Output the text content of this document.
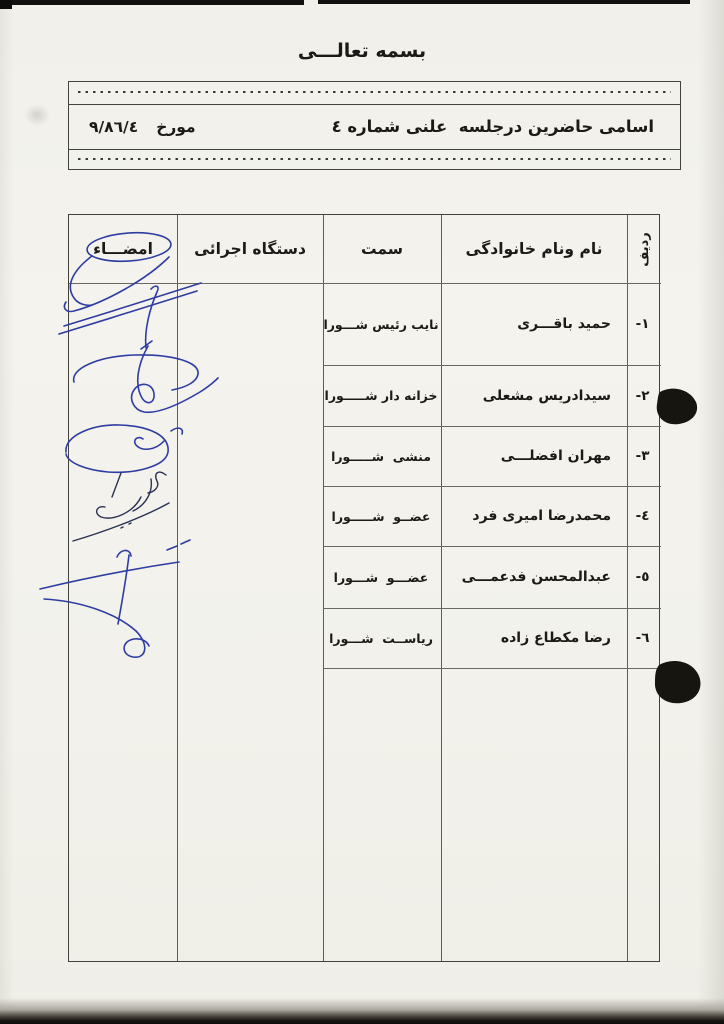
بسمه تعالـــی
اسامی حاضرین درجلسه  علنی شماره ٤
مورخ
۸٦/٤/۹
ردیف
نام ونام خانوادگی
سمت
دستگاه اجرائی
امضـــاء
۱-
حمید باقـــری
نایب رئیس شـــورا
۲-
سیدادریس مشعلی
خزانه دار شـــــورا
۳-
مهران افضلـــی
منشی  شـــــورا
٤-
محمدرضا امیری فرد
عضــو  شـــــورا
٥-
عبدالمحسن فدعمـــی
عضـــو  شـــورا
٦-
رضا مکطاع زاده
ریاســت  شـــورا
